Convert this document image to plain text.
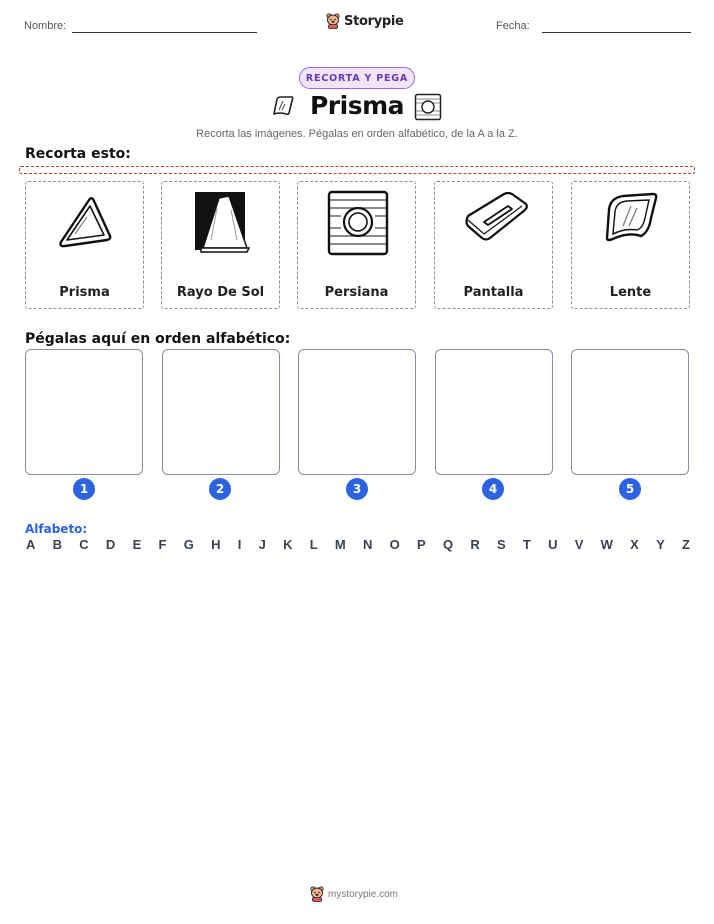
Nombre:	Storypie	Fecha:
RECORTA Y PEGA
Prisma
Recorta las imágenes. Pégalas en orden alfabético, de la A a la Z.
Recorta esto:
Prisma	Rayo De Sol	Persiana	Pantalla	Lente
Pégalas aquí en orden alfabético:
1	2	3	4	5
Alfabeto:
A B C D E F G H I J K L M N O P Q R S T U V W X Y Z
mystorypie.com
